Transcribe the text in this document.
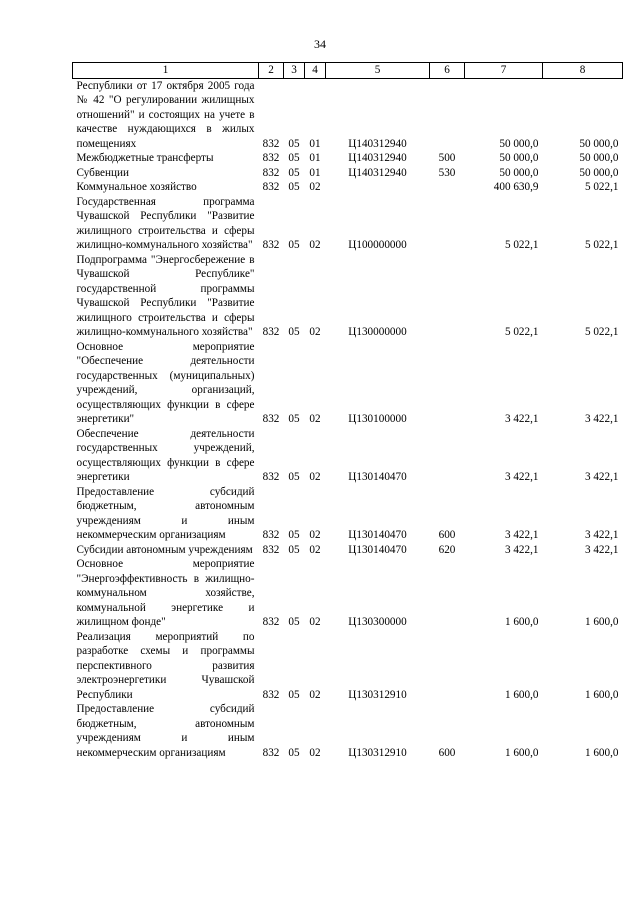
34
1	2	3	4	5	6	7	8
Республики от 17 октября 2005 года № 42 "О регулировании жилищных отношений" и состоящих на учете в качестве нуждающихся в жилых помещениях	832	05	01	Ц140312940		50 000,0	50 000,0
Межбюджетные трансферты	832	05	01	Ц140312940	500	50 000,0	50 000,0
Субвенции	832	05	01	Ц140312940	530	50 000,0	50 000,0
Коммунальное хозяйство	832	05	02			400 630,9	5 022,1
Государственная программа Чувашской Республики "Развитие жилищного строительства и сферы жилищно-коммунального хозяйства"	832	05	02	Ц100000000		5 022,1	5 022,1
Подпрограмма "Энергосбережение в Чувашской Республике" государственной программы Чувашской Республики "Развитие жилищного строительства и сферы жилищно-коммунального хозяйства"	832	05	02	Ц130000000		5 022,1	5 022,1
Основное мероприятие "Обеспечение деятельности государственных (муниципальных) учреждений, организаций, осуществляющих функции в сфере энергетики"	832	05	02	Ц130100000		3 422,1	3 422,1
Обеспечение деятельности государственных учреждений, осуществляющих функции в сфере энергетики	832	05	02	Ц130140470		3 422,1	3 422,1
Предоставление субсидий бюджетным, автономным учреждениям и иным некоммерческим организациям	832	05	02	Ц130140470	600	3 422,1	3 422,1
Субсидии автономным учреждениям	832	05	02	Ц130140470	620	3 422,1	3 422,1
Основное мероприятие "Энергоэффективность в жилищно-коммунальном хозяйстве, коммунальной энергетике и жилищном фонде"	832	05	02	Ц130300000		1 600,0	1 600,0
Реализация мероприятий по разработке схемы и программы перспективного развития электроэнергетики Чувашской Республики	832	05	02	Ц130312910		1 600,0	1 600,0
Предоставление субсидий бюджетным, автономным учреждениям и иным некоммерческим организациям	832	05	02	Ц130312910	600	1 600,0	1 600,0
